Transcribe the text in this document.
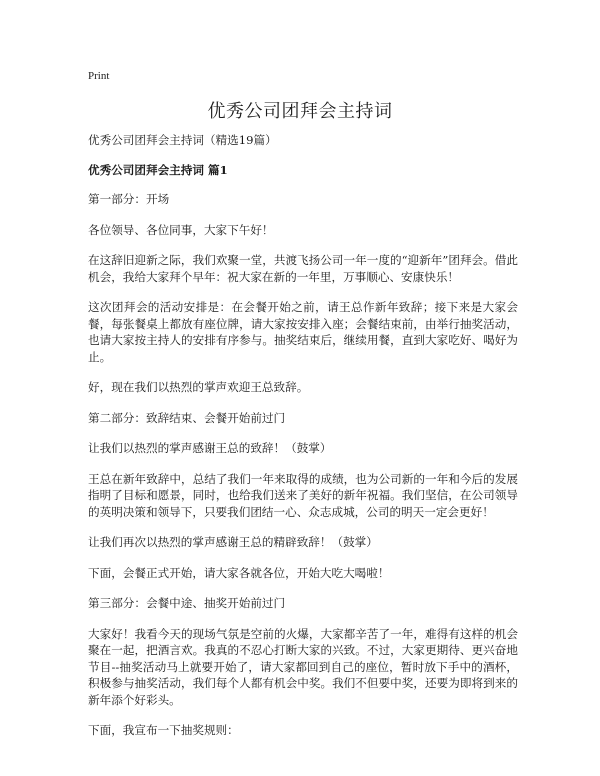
Print
优秀公司团拜会主持词

优秀公司团拜会主持词（精选19篇）

优秀公司团拜会主持词 篇1

第一部分：开场

各位领导、各位同事，大家下午好！

在这辞旧迎新之际，我们欢聚一堂，共渡飞扬公司一年一度的“迎新年”团拜会。借此机会，我给大家拜个早年：祝大家在新的一年里，万事顺心、安康快乐！

这次团拜会的活动安排是：在会餐开始之前，请王总作新年致辞；接下来是大家会餐，每张餐桌上都放有座位牌，请大家按安排入座；会餐结束前，由举行抽奖活动，也请大家按主持人的安排有序参与。抽奖结束后，继续用餐，直到大家吃好、喝好为止。

好，现在我们以热烈的掌声欢迎王总致辞。

第二部分：致辞结束、会餐开始前过门

让我们以热烈的掌声感谢王总的致辞！（鼓掌）

王总在新年致辞中，总结了我们一年来取得的成绩，也为公司新的一年和今后的发展指明了目标和愿景，同时，也给我们送来了美好的新年祝福。我们坚信，在公司领导的英明决策和领导下，只要我们团结一心、众志成城，公司的明天一定会更好！

让我们再次以热烈的掌声感谢王总的精辟致辞！（鼓掌）

下面，会餐正式开始，请大家各就各位，开始大吃大喝啦！

第三部分：会餐中途、抽奖开始前过门

大家好！我看今天的现场气氛是空前的火爆，大家都辛苦了一年，难得有这样的机会聚在一起，把酒言欢。我真的不忍心打断大家的兴致。不过，大家更期待、更兴奋地节目--抽奖活动马上就要开始了，请大家都回到自己的座位，暂时放下手中的酒杯，积极参与抽奖活动，我们每个人都有机会中奖。我们不但要中奖，还要为即将到来的新年添个好彩头。

下面，我宣布一下抽奖规则：
